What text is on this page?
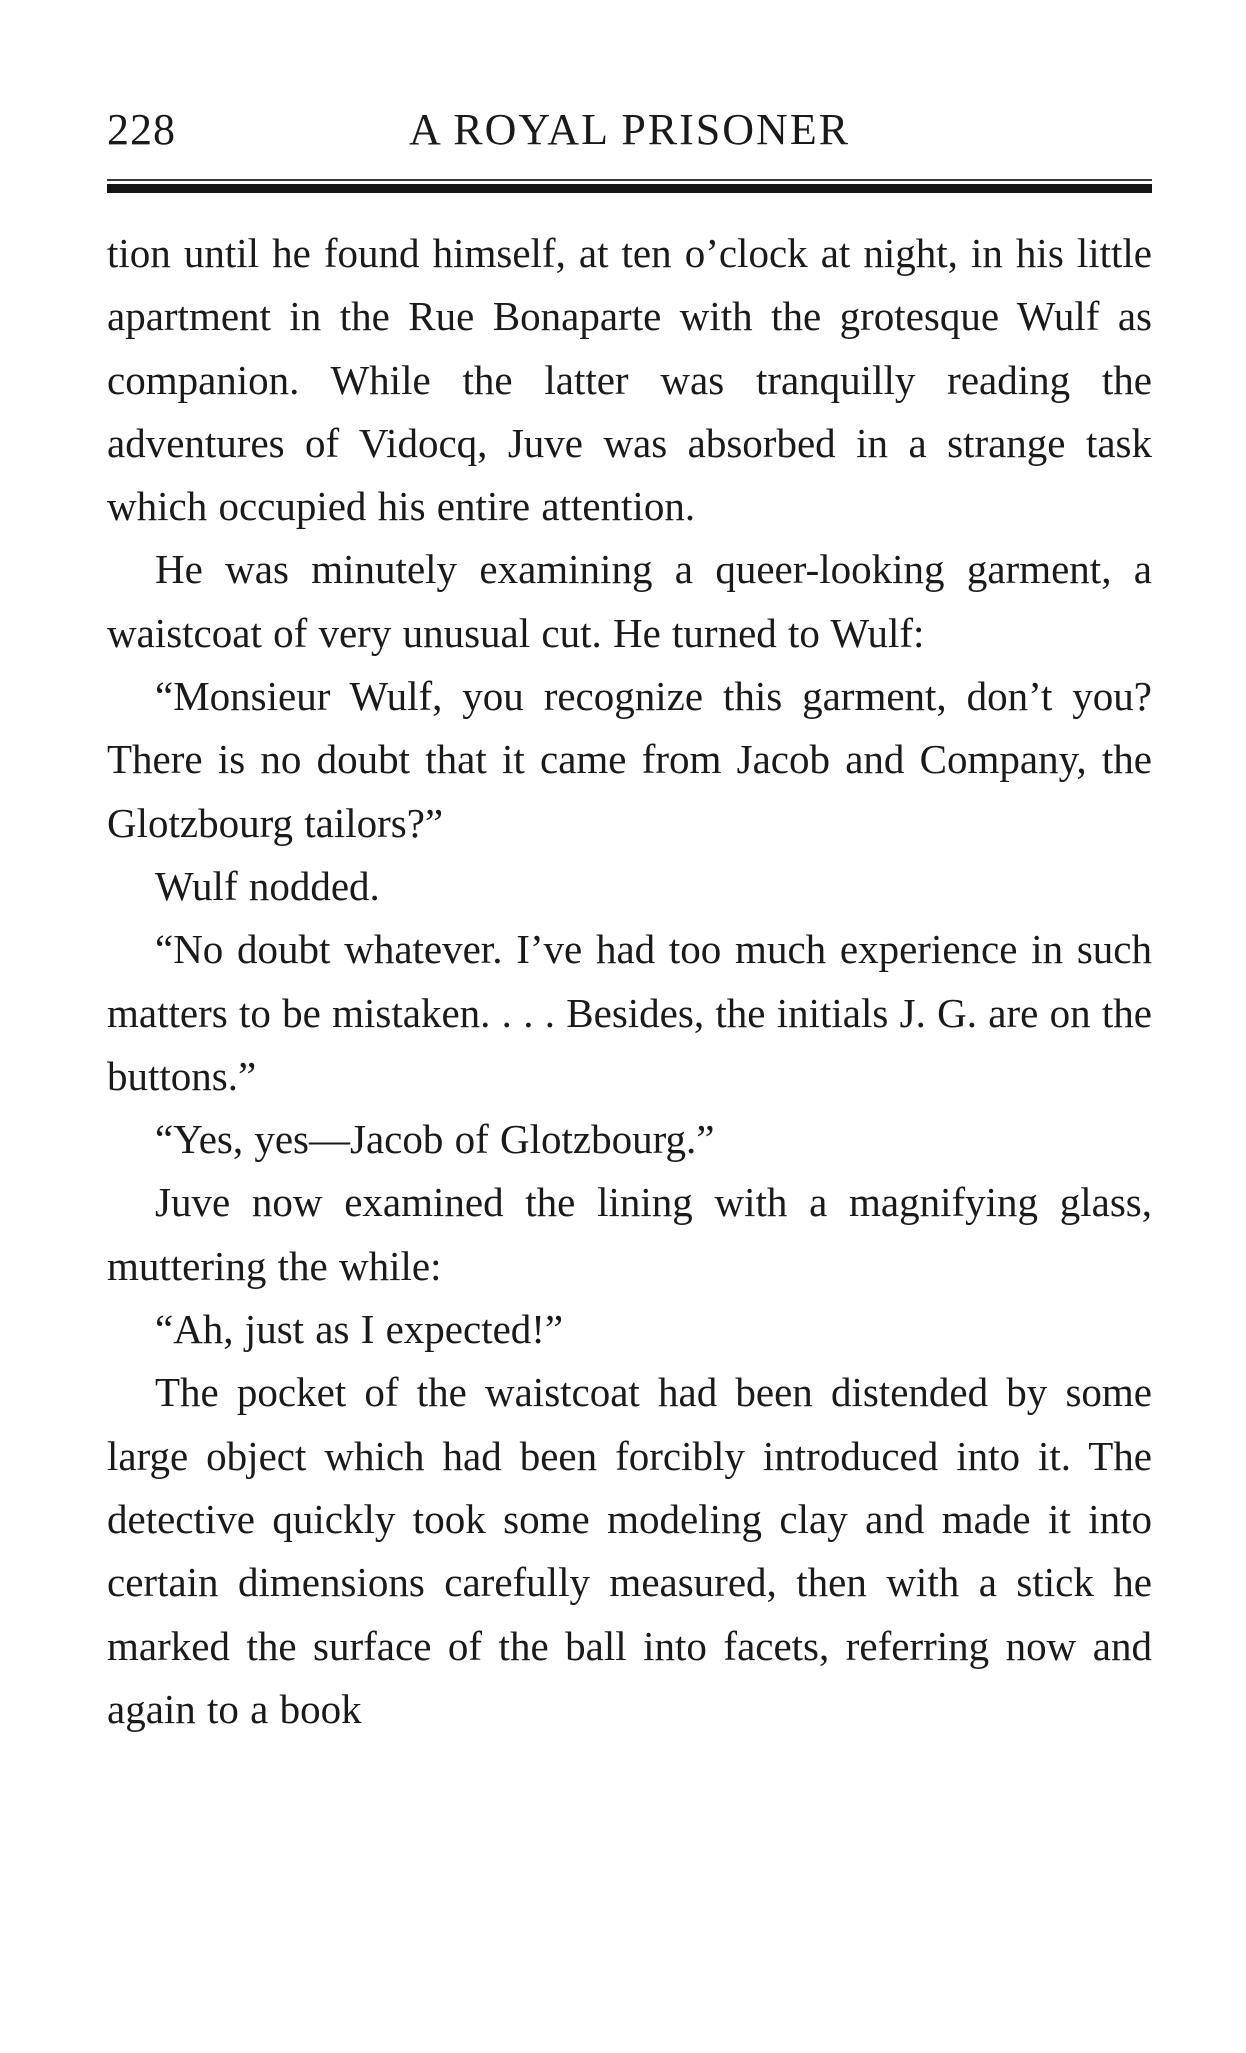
228	A ROYAL PRISONER

tion until he found himself, at ten o’clock at night, in his little apartment in the Rue Bonaparte with the grotesque Wulf as companion. While the latter was tranquilly reading the adventures of Vidocq, Juve was absorbed in a strange task which occupied his entire attention.

He was minutely examining a queer-looking garment, a waistcoat of very unusual cut. He turned to Wulf:

“Monsieur Wulf, you recognize this garment, don’t you? There is no doubt that it came from Jacob and Company, the Glotzbourg tailors?”

Wulf nodded.

“No doubt whatever. I’ve had too much experience in such matters to be mistaken. . . . Besides, the initials J. G. are on the buttons.”

“Yes, yes—Jacob of Glotzbourg.”

Juve now examined the lining with a magnifying glass, muttering the while:

“Ah, just as I expected!”

The pocket of the waistcoat had been distended by some large object which had been forcibly introduced into it. The detective quickly took some modeling clay and made it into certain dimensions carefully measured, then with a stick he marked the surface of the ball into facets, referring now and again to a book
